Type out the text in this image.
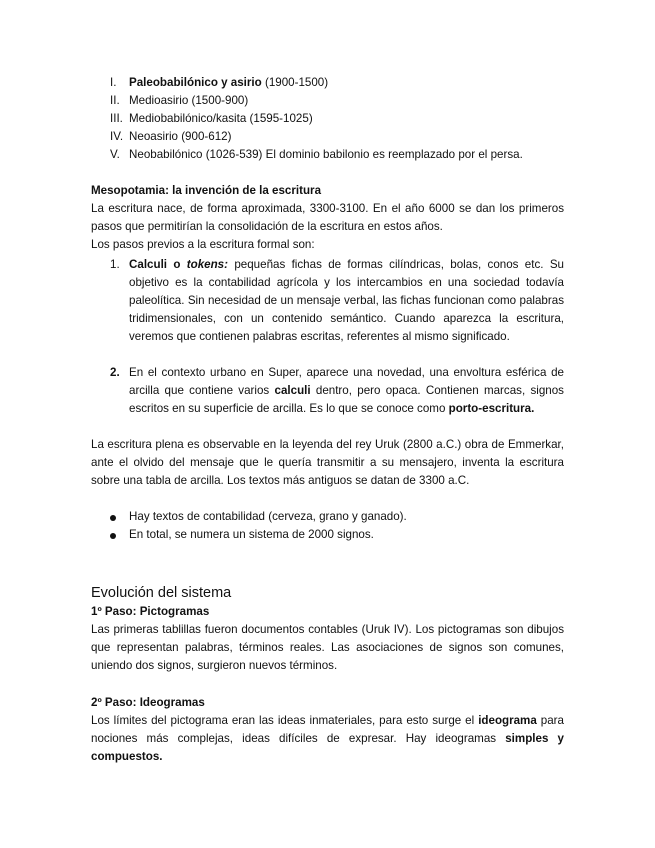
I. Paleobabilónico y asirio (1900-1500)
II. Medioasirio (1500-900)
III. Mediobabilónico/kasita (1595-1025)
IV. Neoasirio (900-612)
V. Neobabilónico (1026-539) El dominio babilonio es reemplazado por el persa.
Mesopotamia: la invención de la escritura
La escritura nace, de forma aproximada, 3300-3100. En el año 6000 se dan los primeros
pasos que permitirían la consolidación de la escritura en estos años.
Los pasos previos a la escritura formal son:
1. Calculi o tokens: pequeñas fichas de formas cilíndricas, bolas, conos etc. Su
objetivo es la contabilidad agrícola y los intercambios en una sociedad todavía
paleolítica. Sin necesidad de un mensaje verbal, las fichas funcionan como palabras
tridimensionales, con un contenido semántico. Cuando aparezca la escritura,
veremos que contienen palabras escritas, referentes al mismo significado.
2. En el contexto urbano en Super, aparece una novedad, una envoltura esférica de
arcilla que contiene varios calculi dentro, pero opaca. Contienen marcas, signos
escritos en su superficie de arcilla. Es lo que se conoce como porto-escritura.
La escritura plena es observable en la leyenda del rey Uruk (2800 a.C.) obra de Emmerkar,
ante el olvido del mensaje que le quería transmitir a su mensajero, inventa la escritura
sobre una tabla de arcilla. Los textos más antiguos se datan de 3300 a.C.
Hay textos de contabilidad (cerveza, grano y ganado).
En total, se numera un sistema de 2000 signos.
Evolución del sistema
1º Paso: Pictogramas
Las primeras tablillas fueron documentos contables (Uruk IV). Los pictogramas son dibujos
que representan palabras, términos reales. Las asociaciones de signos son comunes,
uniendo dos signos, surgieron nuevos términos.
2º Paso: Ideogramas
Los límites del pictograma eran las ideas inmateriales, para esto surge el ideograma para
nociones más complejas, ideas difíciles de expresar. Hay ideogramas simples y
compuestos.
